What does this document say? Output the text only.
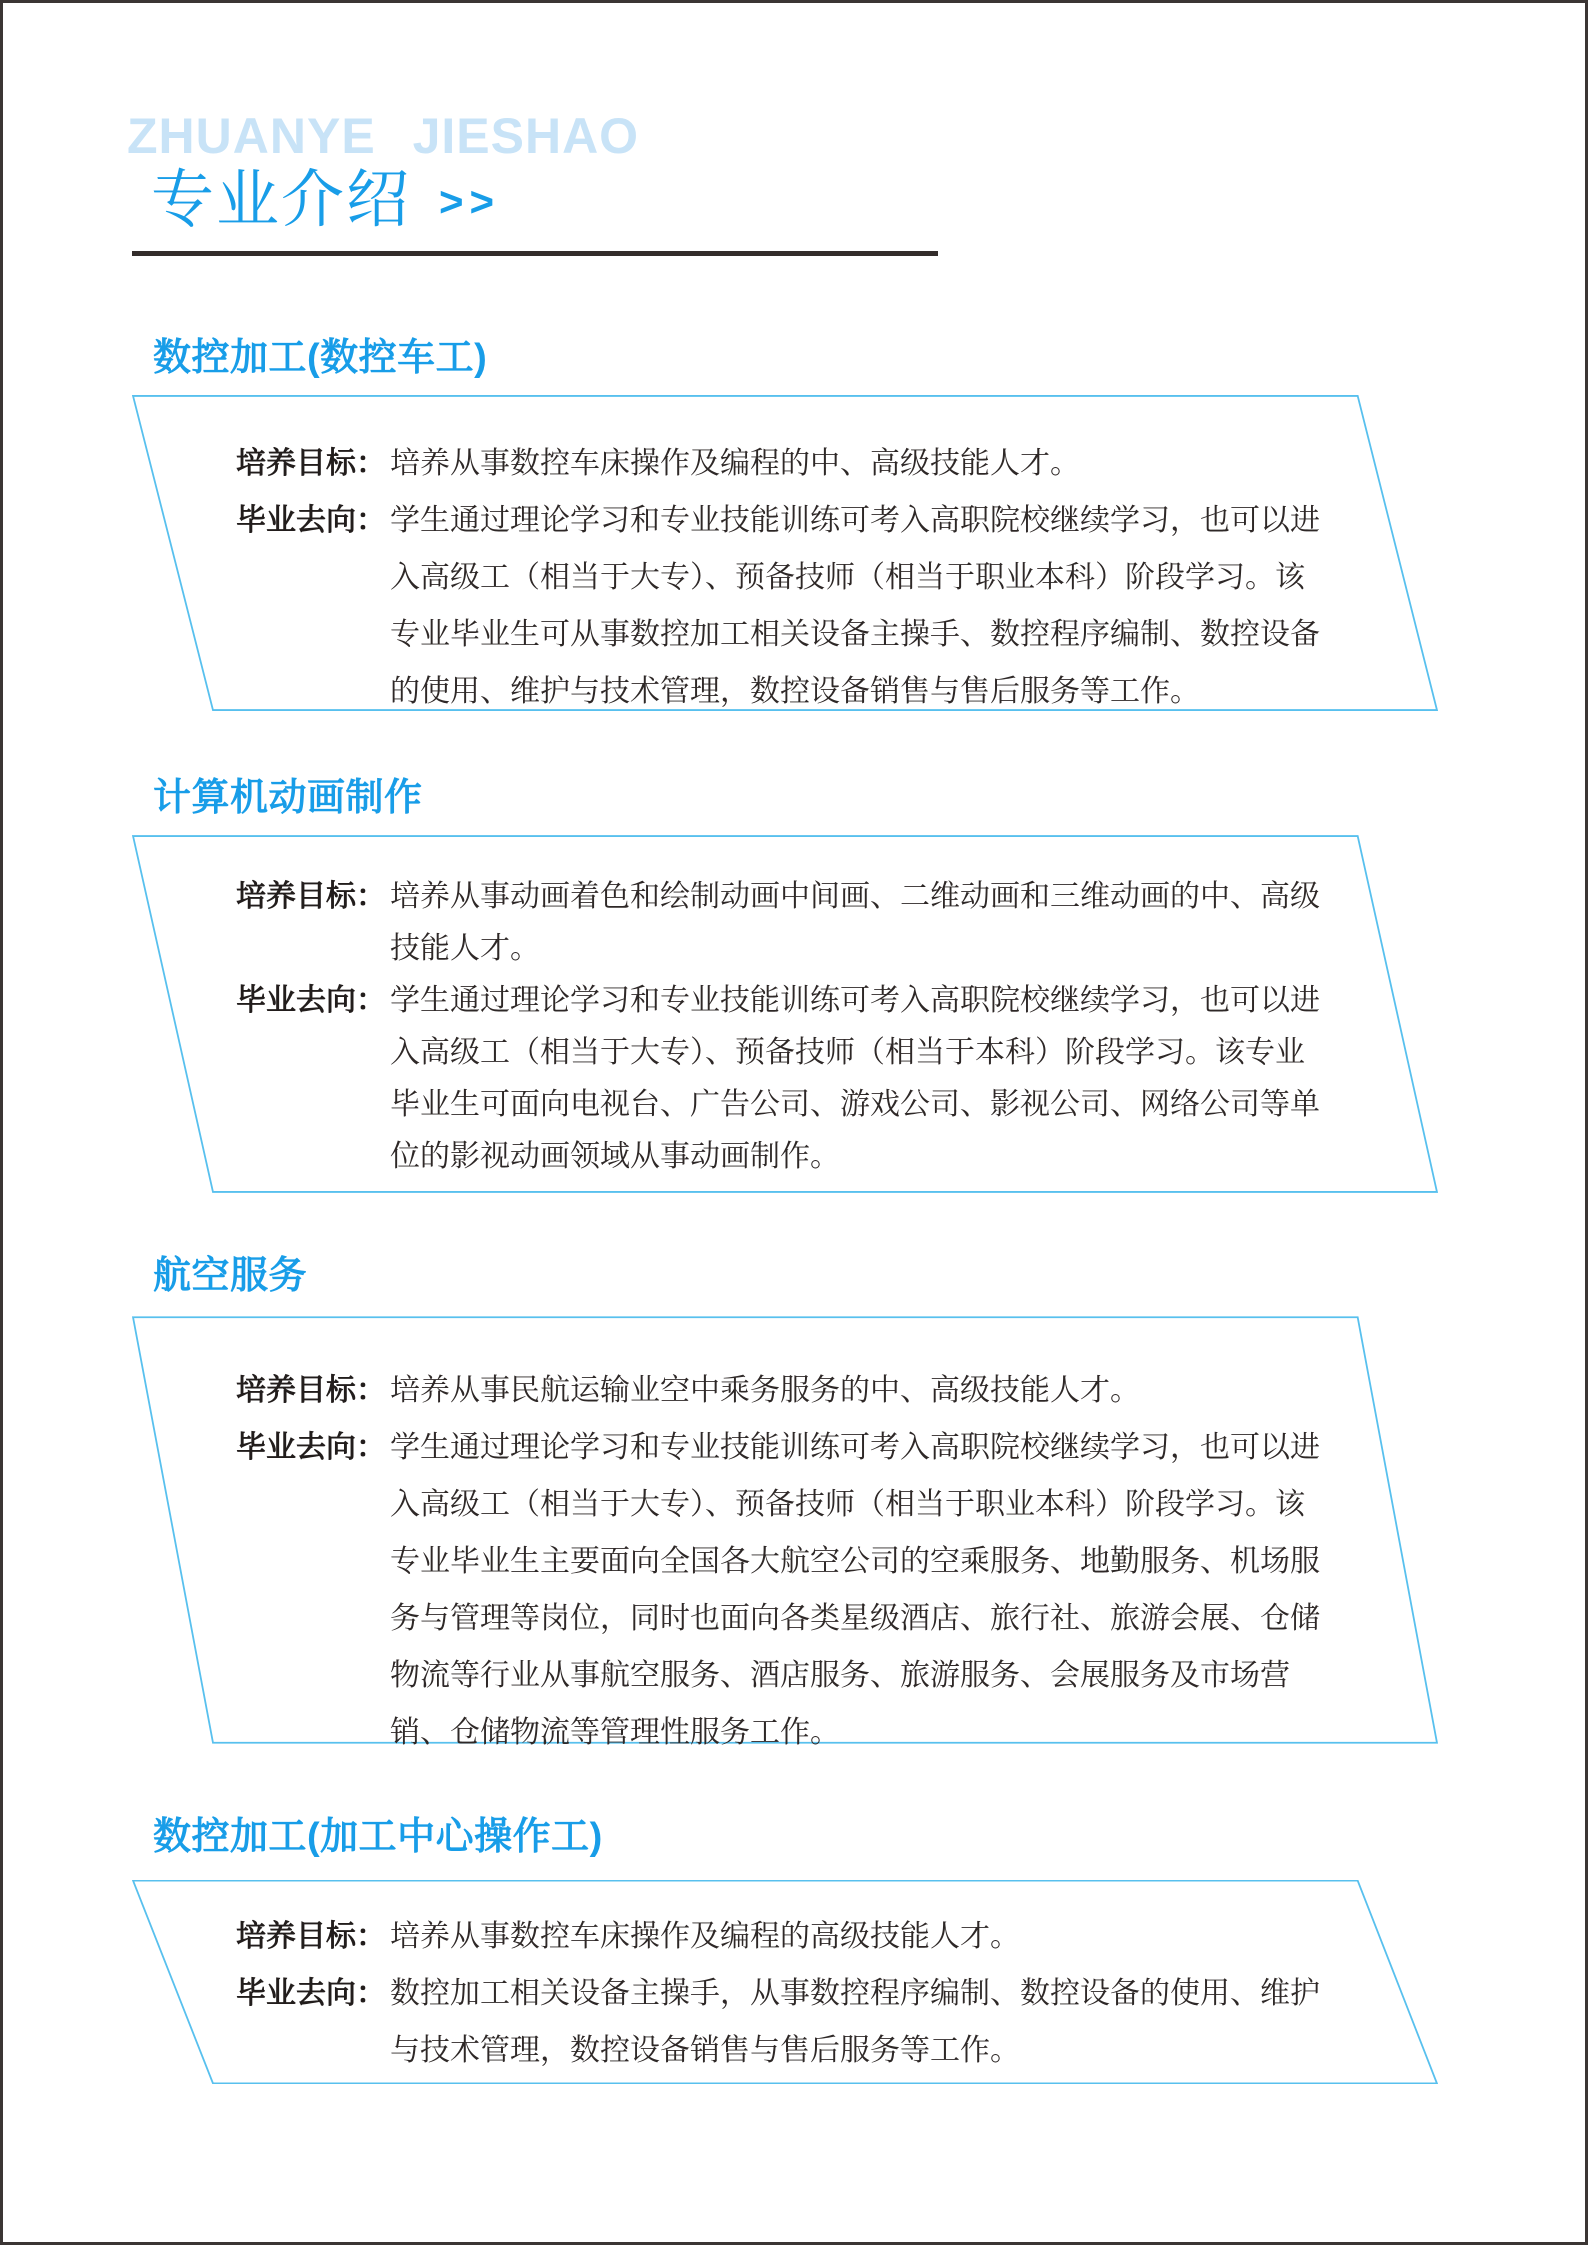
ZHUANYE JIESHAO
专业介绍 >>
数控加工(数控车工)
培养目标： 培养从事数控车床操作及编程的中、高级技能人才。
毕业去向： 学生通过理论学习和专业技能训练可考入高职院校继续学习，也可以进入高级工（相当于大专）、预备技师（相当于职业本科）阶段学习。该专业毕业生可从事数控加工相关设备主操手、数控程序编制、数控设备的使用、维护与技术管理，数控设备销售与售后服务等工作。
计算机动画制作
培养目标： 培养从事动画着色和绘制动画中间画、二维动画和三维动画的中、高级技能人才。
毕业去向： 学生通过理论学习和专业技能训练可考入高职院校继续学习，也可以进入高级工（相当于大专）、预备技师（相当于本科）阶段学习。该专业毕业生可面向电视台、广告公司、游戏公司、影视公司、网络公司等单位的影视动画领域从事动画制作。
航空服务
培养目标： 培养从事民航运输业空中乘务服务的中、高级技能人才。
毕业去向： 学生通过理论学习和专业技能训练可考入高职院校继续学习，也可以进入高级工（相当于大专）、预备技师（相当于职业本科）阶段学习。该专业毕业生主要面向全国各大航空公司的空乘服务、地勤服务、机场服务与管理等岗位，同时也面向各类星级酒店、旅行社、旅游会展、仓储物流等行业从事航空服务、酒店服务、旅游服务、会展服务及市场营销、仓储物流等管理性服务工作。
数控加工(加工中心操作工)
培养目标： 培养从事数控车床操作及编程的高级技能人才。
毕业去向： 数控加工相关设备主操手，从事数控程序编制、数控设备的使用、维护与技术管理，数控设备销售与售后服务等工作。
